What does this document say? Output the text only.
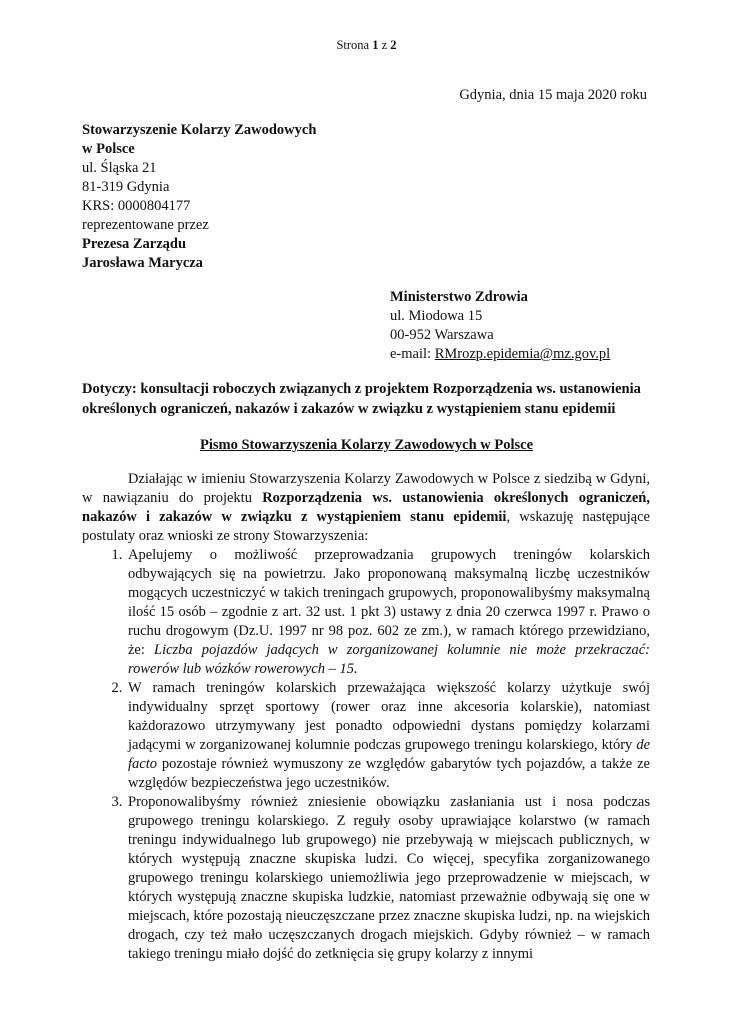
Strona 1 z 2
Gdynia, dnia 15 maja 2020 roku
Stowarzyszenie Kolarzy Zawodowych
w Polsce
ul. Śląska 21
81-319 Gdynia
KRS: 0000804177
reprezentowane przez
Prezesa Zarządu
Jarosława Marycza
Ministerstwo Zdrowia
ul. Miodowa 15
00-952 Warszawa
e-mail: RMrozp.epidemia@mz.gov.pl
Dotyczy: konsultacji roboczych związanych z projektem Rozporządzenia ws. ustanowienia określonych ograniczeń, nakazów i zakazów w związku z wystąpieniem stanu epidemii
Pismo Stowarzyszenia Kolarzy Zawodowych w Polsce

Działając w imieniu Stowarzyszenia Kolarzy Zawodowych w Polsce z siedzibą w Gdyni, w nawiązaniu do projektu Rozporządzenia ws. ustanowienia określonych ograniczeń, nakazów i zakazów w związku z wystąpieniem stanu epidemii, wskazuję następujące postulaty oraz wnioski ze strony Stowarzyszenia:

1. Apelujemy o możliwość przeprowadzania grupowych treningów kolarskich odbywających się na powietrzu. Jako proponowaną maksymalną liczbę uczestników mogących uczestniczyć w takich treningach grupowych, proponowalibyśmy maksymalną ilość 15 osób – zgodnie z art. 32 ust. 1 pkt 3) ustawy z dnia 20 czerwca 1997 r. Prawo o ruchu drogowym (Dz.U. 1997 nr 98 poz. 602 ze zm.), w ramach którego przewidziano, że: Liczba pojazdów jadących w zorganizowanej kolumnie nie może przekraczać: rowerów lub wózków rowerowych – 15.
2. W ramach treningów kolarskich przeważająca większość kolarzy użytkuje swój indywidualny sprzęt sportowy (rower oraz inne akcesoria kolarskie), natomiast każdorazowo utrzymywany jest ponadto odpowiedni dystans pomiędzy kolarzami jadącymi w zorganizowanej kolumnie podczas grupowego treningu kolarskiego, który de facto pozostaje również wymuszony ze względów gabarytów tych pojazdów, a także ze względów bezpieczeństwa jego uczestników.
3. Proponowalibyśmy również zniesienie obowiązku zasłaniania ust i nosa podczas grupowego treningu kolarskiego. Z reguły osoby uprawiające kolarstwo (w ramach treningu indywidualnego lub grupowego) nie przebywają w miejscach publicznych, w których występują znaczne skupiska ludzi. Co więcej, specyfika zorganizowanego grupowego treningu kolarskiego uniemożliwia jego przeprowadzenie w miejscach, w których występują znaczne skupiska ludzkie, natomiast przeważnie odbywają się one w miejscach, które pozostają nieuczęszczane przez znaczne skupiska ludzi, np. na wiejskich drogach, czy też mało uczęszczanych drogach miejskich. Gdyby również – w ramach takiego treningu miało dojść do zetknięcia się grupy kolarzy z innymi
